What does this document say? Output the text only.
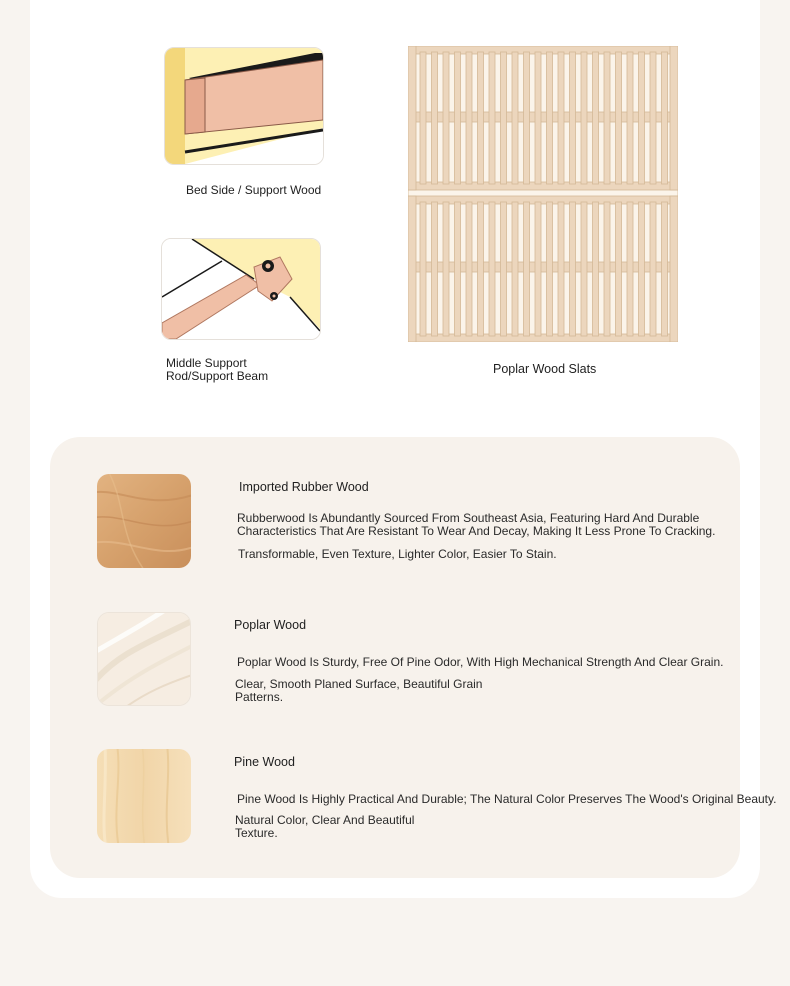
Bed Side / Support Wood
Middle Support
Rod/Support Beam	Poplar Wood Slats
Imported Rubber Wood
Rubberwood Is Abundantly Sourced From Southeast Asia, Featuring Hard And Durable
Characteristics That Are Resistant To Wear And Decay, Making It Less Prone To Cracking.
Transformable, Even Texture, Lighter Color, Easier To Stain.
Poplar Wood
Poplar Wood Is Sturdy, Free Of Pine Odor, With High Mechanical Strength And Clear Grain.
Clear, Smooth Planed Surface, Beautiful Grain
Patterns.
Pine Wood
Pine Wood Is Highly Practical And Durable; The Natural Color Preserves The Wood's Original Beauty.
Natural Color, Clear And Beautiful
Texture.
